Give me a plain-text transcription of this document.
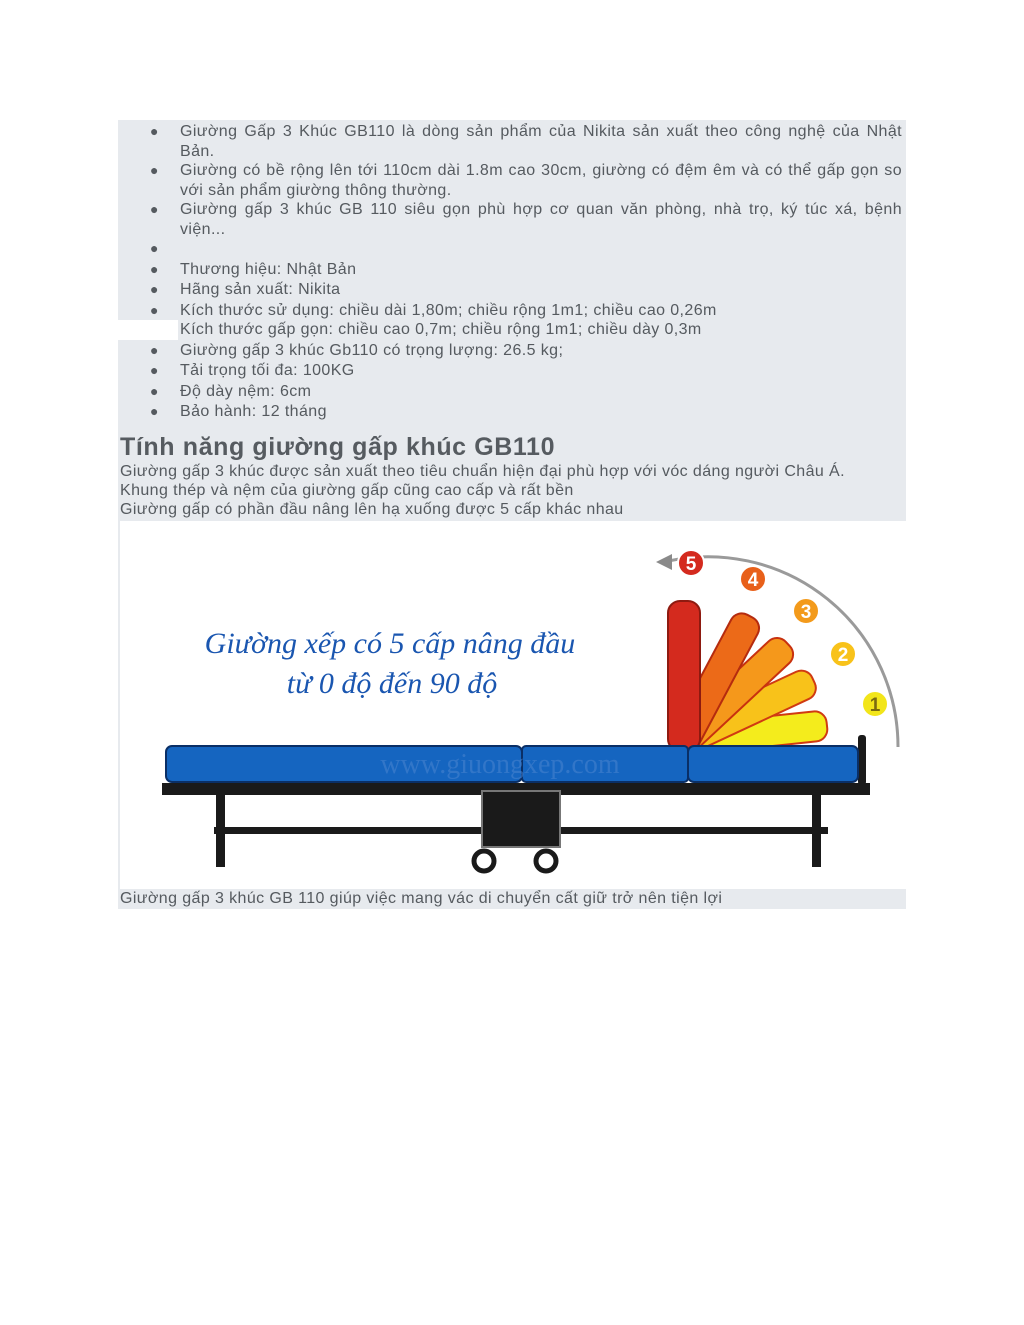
● Giường Gấp 3 Khúc GB110 là dòng sản phẩm của Nikita sản xuất theo công nghệ của Nhật Bản.
● Giường có bề rộng lên tới 110cm dài 1.8m cao 30cm, giường có đệm êm và có thể gấp gọn so với sản phẩm giường thông thường.
● Giường gấp 3 khúc GB 110 siêu gọn phù hợp cơ quan văn phòng, nhà trọ, ký túc xá, bệnh viện...
●
● Thương hiệu: Nhật Bản
● Hãng sản xuất: Nikita
● Kích thước sử dụng: chiều dài 1,80m; chiều rộng 1m1; chiều cao 0,26m
Kích thước gấp gọn: chiều cao 0,7m; chiều rộng 1m1; chiều dày 0,3m
● Giường gấp 3 khúc Gb110 có trọng lượng: 26.5 kg;
● Tải trọng tối đa: 100KG
● Độ dày nệm: 6cm
● Bảo hành: 12 tháng
Tính năng giường gấp khúc GB110

Giường gấp 3 khúc được sản xuất theo tiêu chuẩn hiện đại phù hợp với vóc dáng người Châu Á.

Khung thép và nệm của giường gấp cũng cao cấp và rất bền

Giường gấp có phần đầu nâng lên hạ xuống được 5 cấp khác nhau

Giường xếp có 5 cấp nâng đầu
từ 0 độ đến 90 độ
1
2
3
4
5
www.giuongxep.com
Giường gấp 3 khúc GB 110 giúp việc mang vác di chuyển cất giữ trở nên tiện lợi
